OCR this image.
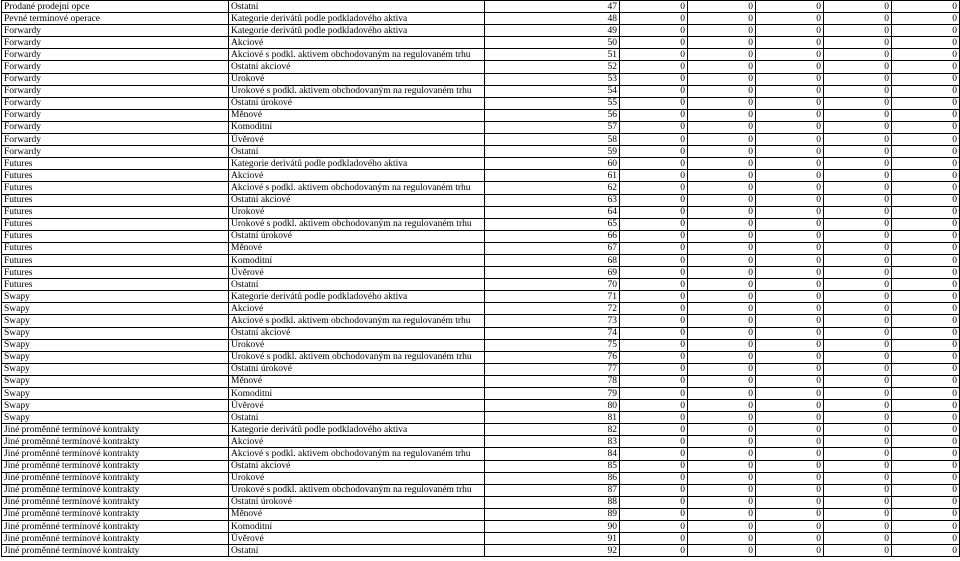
Prodané prodejní opce	Ostatní	47	0	0	0	0	0
Pevné termínové operace	Kategorie derivátů podle podkladového aktiva	48	0	0	0	0	0
Forwardy	Kategorie derivátů podle podkladového aktiva	49	0	0	0	0	0
Forwardy	Akciové	50	0	0	0	0	0
Forwardy	Akciové s podkl. aktivem obchodovaným na regulovaném trhu	51	0	0	0	0	0
Forwardy	Ostatní akciové	52	0	0	0	0	0
Forwardy	Úrokové	53	0	0	0	0	0
Forwardy	Úrokové s podkl. aktivem obchodovaným na regulovaném trhu	54	0	0	0	0	0
Forwardy	Ostatní úrokové	55	0	0	0	0	0
Forwardy	Měnové	56	0	0	0	0	0
Forwardy	Komoditní	57	0	0	0	0	0
Forwardy	Úvěrové	58	0	0	0	0	0
Forwardy	Ostatní	59	0	0	0	0	0
Futures	Kategorie derivátů podle podkladového aktiva	60	0	0	0	0	0
Futures	Akciové	61	0	0	0	0	0
Futures	Akciové s podkl. aktivem obchodovaným na regulovaném trhu	62	0	0	0	0	0
Futures	Ostatní akciové	63	0	0	0	0	0
Futures	Úrokové	64	0	0	0	0	0
Futures	Úrokové s podkl. aktivem obchodovaným na regulovaném trhu	65	0	0	0	0	0
Futures	Ostatní úrokové	66	0	0	0	0	0
Futures	Měnové	67	0	0	0	0	0
Futures	Komoditní	68	0	0	0	0	0
Futures	Úvěrové	69	0	0	0	0	0
Futures	Ostatní	70	0	0	0	0	0
Swapy	Kategorie derivátů podle podkladového aktiva	71	0	0	0	0	0
Swapy	Akciové	72	0	0	0	0	0
Swapy	Akciové s podkl. aktivem obchodovaným na regulovaném trhu	73	0	0	0	0	0
Swapy	Ostatní akciové	74	0	0	0	0	0
Swapy	Úrokové	75	0	0	0	0	0
Swapy	Úrokové s podkl. aktivem obchodovaným na regulovaném trhu	76	0	0	0	0	0
Swapy	Ostatní úrokové	77	0	0	0	0	0
Swapy	Měnové	78	0	0	0	0	0
Swapy	Komoditní	79	0	0	0	0	0
Swapy	Úvěrové	80	0	0	0	0	0
Swapy	Ostatní	81	0	0	0	0	0
Jiné proměnné termínové kontrakty	Kategorie derivátů podle podkladového aktiva	82	0	0	0	0	0
Jiné proměnné termínové kontrakty	Akciové	83	0	0	0	0	0
Jiné proměnné termínové kontrakty	Akciové s podkl. aktivem obchodovaným na regulovaném trhu	84	0	0	0	0	0
Jiné proměnné termínové kontrakty	Ostatní akciové	85	0	0	0	0	0
Jiné proměnné termínové kontrakty	Úrokové	86	0	0	0	0	0
Jiné proměnné termínové kontrakty	Úrokové s podkl. aktivem obchodovaným na regulovaném trhu	87	0	0	0	0	0
Jiné proměnné termínové kontrakty	Ostatní úrokové	88	0	0	0	0	0
Jiné proměnné termínové kontrakty	Měnové	89	0	0	0	0	0
Jiné proměnné termínové kontrakty	Komoditní	90	0	0	0	0	0
Jiné proměnné termínové kontrakty	Úvěrové	91	0	0	0	0	0
Jiné proměnné termínové kontrakty	Ostatní	92	0	0	0	0	0
